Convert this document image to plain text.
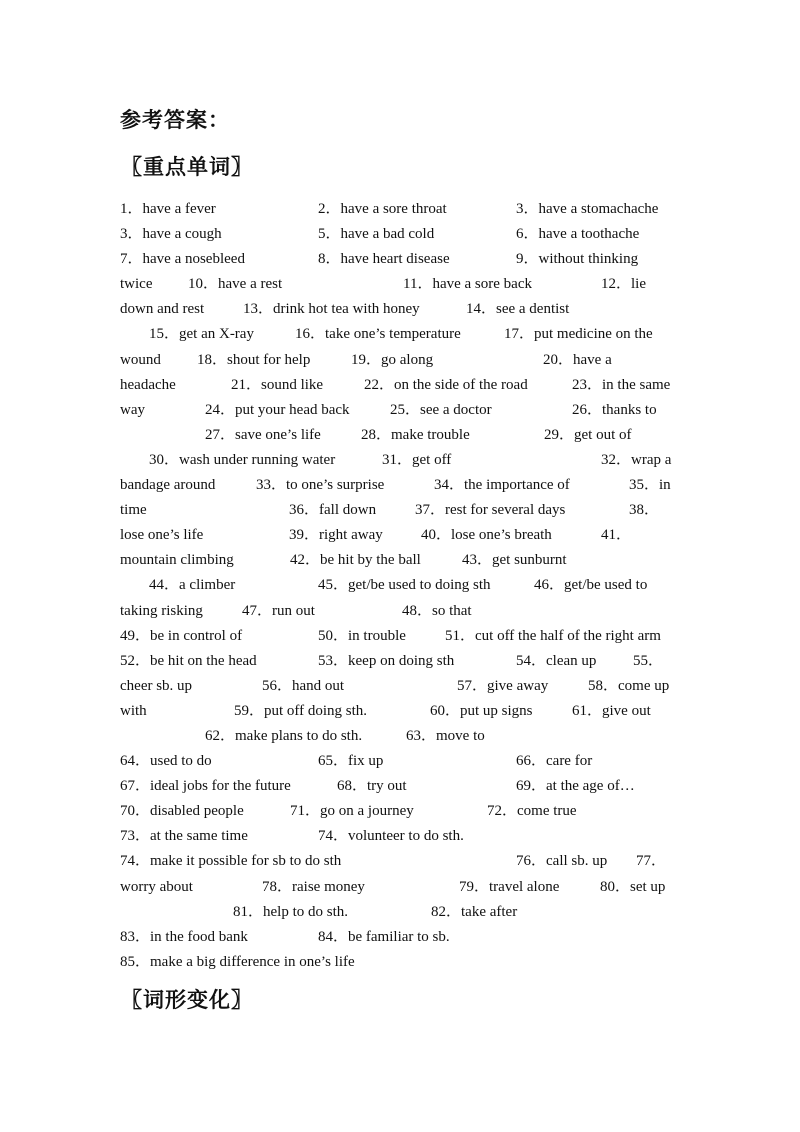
参考答案：
〖重点单词〗
1．have a fever	2．have a sore throat	3．have a stomachache
3．have a cough	5．have a bad cold	6．have a toothache
7．have a nosebleed	8．have heart disease	9．without thinking
twice 10．have a rest	11．have a sore back	12．lie
down and rest	13．drink hot tea with honey	14．see a dentist
15．get an X-ray	16．take one’s temperature	17．put medicine on the
wound 18．shout for help	19．go along	20．have a
headache	21．sound like	22．on the side of the road	23．in the same
way	24．put your head back	25．see a doctor	26．thanks to
27．save one’s life	28．make trouble	29．get out of
30．wash under running water	31．get off	32．wrap a
bandage around	33．to one’s surprise	34．the importance of	35．in
time	36．fall down	37．rest for several days	38．
lose one’s life	39．right away	40．lose one’s breath	41．
mountain climbing	42．be hit by the ball	43．get sunburnt
44．a climber	45．get/be used to doing sth	46．get/be used to
taking risking	47．run out	48．so that
49．be in control of	50．in trouble	51．cut off the half of the right arm
52．be hit on the head	53．keep on doing sth	54．clean up 55．
cheer sb. up	56．hand out	57．give away	58．come up
with	59．put off doing sth.	60．put up signs	61．give out
62．make plans to do sth.	63．move to
64．used to do	65．fix up	66．care for
67．ideal jobs for the future	68．try out	69．at the age of…
70．disabled people	71．go on a journey	72．come true
73．at the same time	74．volunteer to do sth.
74．make it possible for sb to do sth	76．call sb. up 77．
worry about	78．raise money	79．travel alone	80．set up
81．help to do sth.	82．take after
83．in the food bank	84．be familiar to sb.
85．make a big difference in one’s life
〖词形变化〗
